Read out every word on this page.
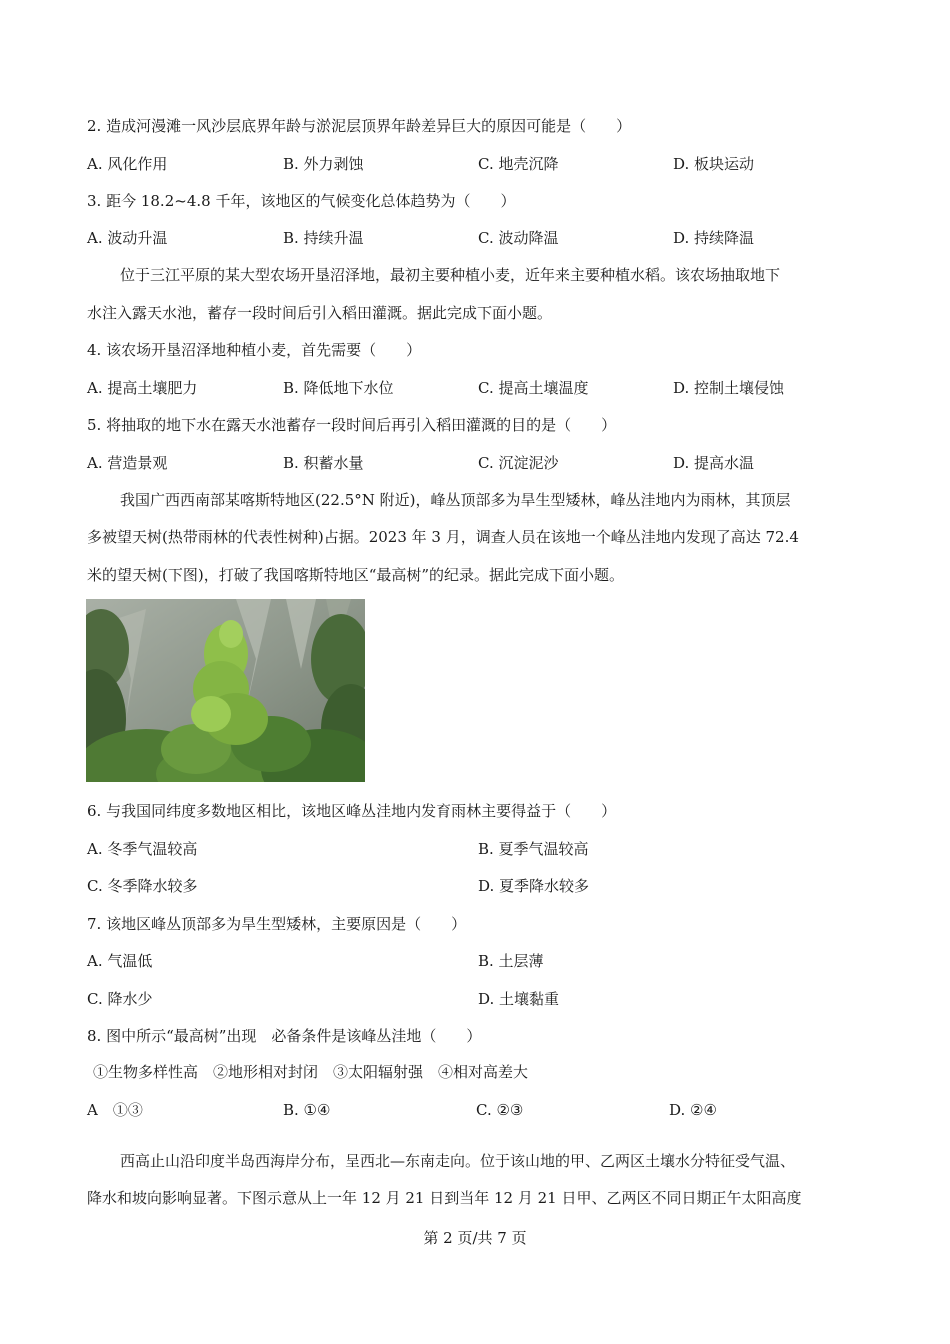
2. 造成河漫滩一风沙层底界年龄与淤泥层顶界年龄差异巨大的原因可能是（　　）
A. 风化作用	B. 外力剥蚀	C. 地壳沉降	D. 板块运动
3. 距今 18.2~4.8 千年，该地区的气候变化总体趋势为（　　）
A. 波动升温	B. 持续升温	C. 波动降温	D. 持续降温
位于三江平原的某大型农场开垦沼泽地，最初主要种植小麦，近年来主要种植水稻。该农场抽取地下
水注入露天水池，蓄存一段时间后引入稻田灌溉。据此完成下面小题。
4. 该农场开垦沼泽地种植小麦，首先需要（　　）
A. 提高土壤肥力	B. 降低地下水位	C. 提高土壤温度	D. 控制土壤侵蚀
5. 将抽取的地下水在露天水池蓄存一段时间后再引入稻田灌溉的目的是（　　）
A. 营造景观	B. 积蓄水量	C. 沉淀泥沙	D. 提高水温
我国广西西南部某喀斯特地区(22.5°N 附近)，峰丛顶部多为旱生型矮林，峰丛洼地内为雨林，其顶层
多被望天树(热带雨林的代表性树种)占据。2023 年 3 月，调查人员在该地一个峰丛洼地内发现了高达 72.4
米的望天树(下图)，打破了我国喀斯特地区“最高树”的纪录。据此完成下面小题。
6. 与我国同纬度多数地区相比，该地区峰丛洼地内发育雨林主要得益于（　　）
A. 冬季气温较高	B. 夏季气温较高
C. 冬季降水较多	D. 夏季降水较多
7. 该地区峰丛顶部多为旱生型矮林，主要原因是（　　）
A. 气温低	B. 土层薄
C. 降水少	D. 土壤黏重
8. 图中所示“最高树”出现　必备条件是该峰丛洼地（　　）
①生物多样性高　②地形相对封闭　③太阳辐射强　④相对高差大
A　①③	B. ①④	C. ②③	D. ②④
西高止山沿印度半岛西海岸分布，呈西北—东南走向。位于该山地的甲、乙两区土壤水分特征受气温、
降水和坡向影响显著。下图示意从上一年 12 月 21 日到当年 12 月 21 日甲、乙两区不同日期正午太阳高度
第 2 页/共 7 页
